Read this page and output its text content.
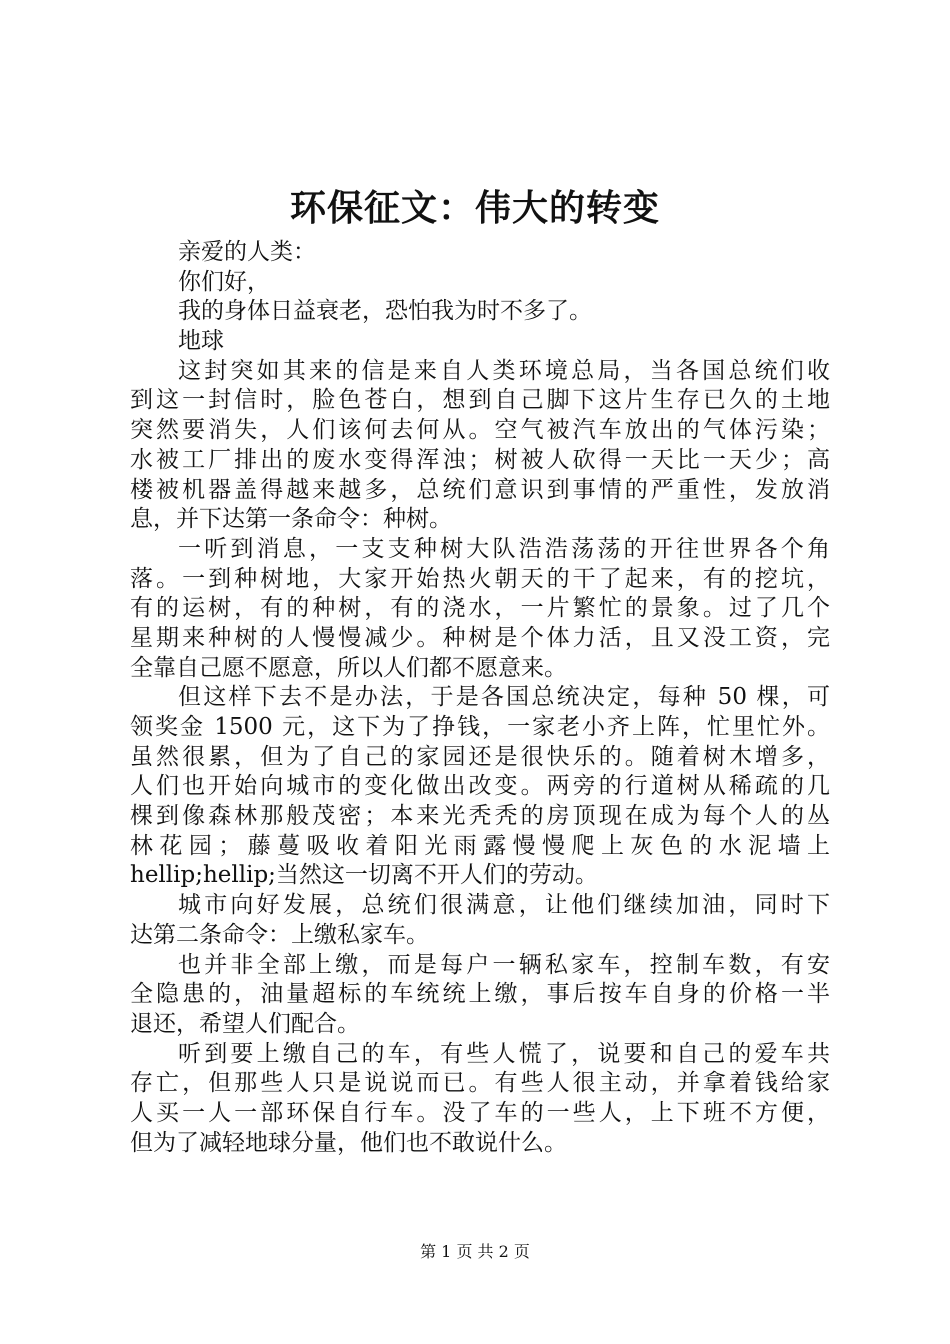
环保征文：伟大的转变
亲爱的人类：
你们好，
我的身体日益衰老，恐怕我为时不多了。
地球
这封突如其来的信是来自人类环境总局，当各国总统们收
到这一封信时，脸色苍白，想到自己脚下这片生存已久的土地
突然要消失，人们该何去何从。空气被汽车放出的气体污染；
水被工厂排出的废水变得浑浊；树被人砍得一天比一天少；高
楼被机器盖得越来越多，总统们意识到事情的严重性，发放消
息，并下达第一条命令：种树。
一听到消息，一支支种树大队浩浩荡荡的开往世界各个角
落。一到种树地，大家开始热火朝天的干了起来，有的挖坑，
有的运树，有的种树，有的浇水，一片繁忙的景象。过了几个
星期来种树的人慢慢减少。种树是个体力活，且又没工资，完
全靠自己愿不愿意，所以人们都不愿意来。
但这样下去不是办法，于是各国总统决定，每种 50 棵，可
领奖金 1500 元，这下为了挣钱，一家老小齐上阵，忙里忙外。
虽然很累，但为了自己的家园还是很快乐的。随着树木增多，
人们也开始向城市的变化做出改变。两旁的行道树从稀疏的几
棵到像森林那般茂密；本来光秃秃的房顶现在成为每个人的丛
林花园；藤蔓吸收着阳光雨露慢慢爬上灰色的水泥墙上
hellip;hellip;当然这一切离不开人们的劳动。
城市向好发展，总统们很满意，让他们继续加油，同时下
达第二条命令：上缴私家车。
也并非全部上缴，而是每户一辆私家车，控制车数，有安
全隐患的，油量超标的车统统上缴，事后按车自身的价格一半
退还，希望人们配合。
听到要上缴自己的车，有些人慌了，说要和自己的爱车共
存亡，但那些人只是说说而已。有些人很主动，并拿着钱给家
人买一人一部环保自行车。没了车的一些人，上下班不方便，
但为了减轻地球分量，他们也不敢说什么。
第 1 页 共 2 页
